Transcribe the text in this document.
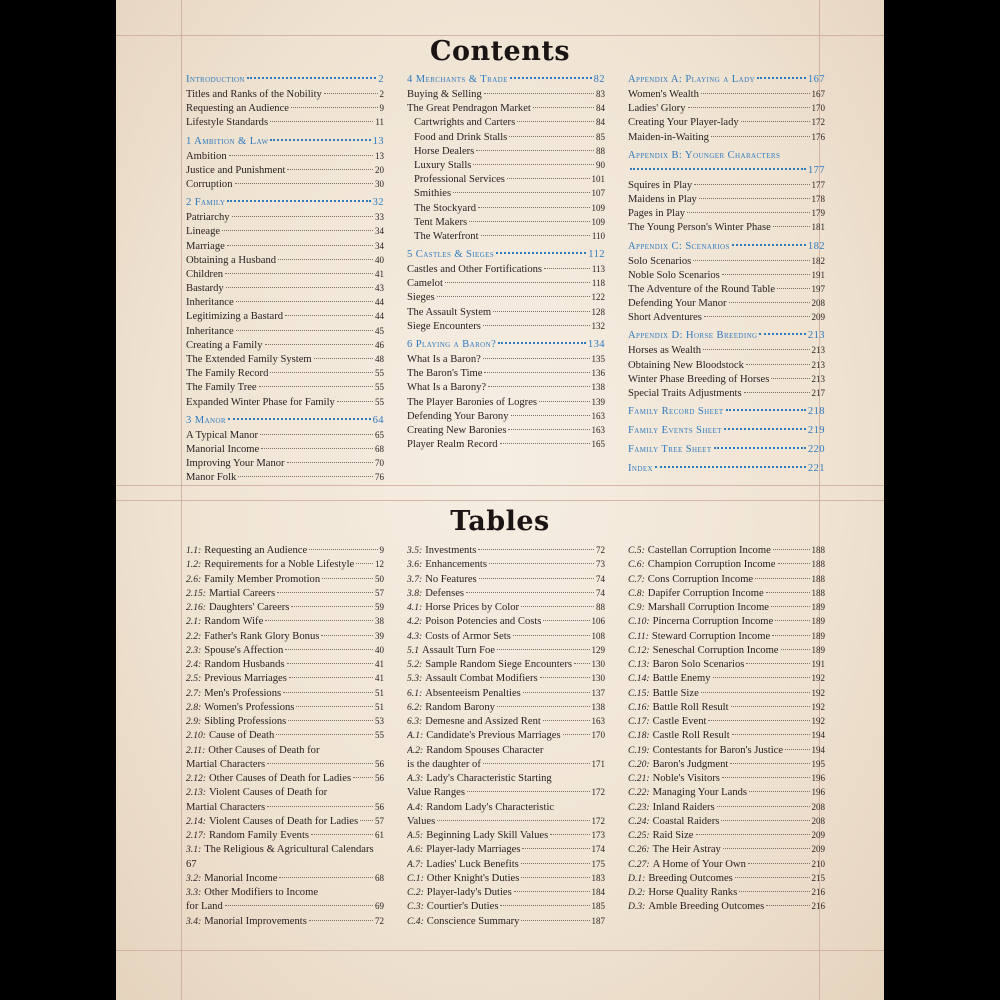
Contents
Tables
Introduction	2
Titles and Ranks of the Nobility	2
Requesting an Audience	9
Lifestyle Standards	11
1 Ambition & Law	13
Ambition	13
Justice and Punishment	20
Corruption	30
2 Family	32
Patriarchy	33
Lineage	34
Marriage	34
Obtaining a Husband	40
Children	41
Bastardy	43
Inheritance	44
Legitimizing a Bastard	44
Inheritance	45
Creating a Family	46
The Extended Family System	48
The Family Record	55
The Family Tree	55
Expanded Winter Phase for Family	55
3 Manor	64
A Typical Manor	65
Manorial Income	68
Improving Your Manor	70
Manor Folk	76
4 Merchants & Trade	82
Buying & Selling	83
The Great Pendragon Market	84
Cartwrights and Carters	84
Food and Drink Stalls	85
Horse Dealers	88
Luxury Stalls	90
Professional Services	101
Smithies	107
The Stockyard	109
Tent Makers	109
The Waterfront	110
5 Castles & Sieges	112
Castles and Other Fortifications	113
Camelot	118
Sieges	122
The Assault System	128
Siege Encounters	132
6 Playing a Baron?	134
What Is a Baron?	135
The Baron's Time	136
What Is a Barony?	138
The Player Baronies of Logres	139
Defending Your Barony	163
Creating New Baronies	163
Player Realm Record	165
Appendix A: Playing a Lady	167
Women's Wealth	167
Ladies' Glory	170
Creating Your Player-lady	172
Maiden-in-Waiting	176
Appendix B: Younger Characters
177
Squires in Play	177
Maidens in Play	178
Pages in Play	179
The Young Person's Winter Phase	181
Appendix C: Scenarios	182
Solo Scenarios	182
Noble Solo Scenarios	191
The Adventure of the Round Table	197
Defending Your Manor	208
Short Adventures	209
Appendix D: Horse Breeding	213
Horses as Wealth	213
Obtaining New Bloodstock	213
Winter Phase Breeding of Horses	213
Special Traits Adjustments	217
Family Record Sheet	218
Family Events Sheet	219
Family Tree Sheet	220
Index	221
1.1: Requesting an Audience	9
1.2: Requirements for a Noble Lifestyle 12
2.6: Family Member Promotion	50
2.15: Martial Careers	57
2.16: Daughters' Careers	59
2.1: Random Wife	38
2.2: Father's Rank Glory Bonus	39
2.3: Spouse's Affection	40
2.4: Random Husbands	41
2.5: Previous Marriages	41
2.7: Men's Professions	51
2.8: Women's Professions	51
2.9: Sibling Professions	53
2.10: Cause of Death	55
2.11: Other Causes of Death for
Martial Characters	56
2.12: Other Causes of Death for Ladies	56
2.13: Violent Causes of Death for
Martial Characters	56
2.14: Violent Causes of Death for Ladies 57
2.17: Random Family Events	61
3.1: The Religious & Agricultural Calendars
67
3.2: Manorial Income	68
3.3: Other Modifiers to Income
for Land	69
3.4: Manorial Improvements	72
3.5: Investments	72
3.6: Enhancements	73
3.7: No Features	74
3.8: Defenses	74
4.1: Horse Prices by Color	88
4.2: Poison Potencies and Costs	106
4.3: Costs of Armor Sets	108
5.1 Assault Turn Foe	129
5.2: Sample Random Siege Encounters 130
5.3: Assault Combat Modifiers	130
6.1: Absenteeism Penalties	137
6.2: Random Barony	138
6.3: Demesne and Assized Rent	163
A.1: Candidate's Previous Marriages	170
A.2: Random Spouses Character
is the daughter of	171
A.3: Lady's Characteristic Starting
Value Ranges	172
A.4: Random Lady's Characteristic
Values	172
A.5: Beginning Lady Skill Values	173
A.6: Player-lady Marriages	174
A.7: Ladies' Luck Benefits	175
C.1: Other Knight's Duties	183
C.2: Player-lady's Duties	184
C.3: Courtier's Duties	185
C.4: Conscience Summary	187
C.5: Castellan Corruption Income	188
C.6: Champion Corruption Income	188
C.7: Cons Corruption Income	188
C.8: Dapifer Corruption Income	188
C.9: Marshall Corruption Income	189
C.10: Pincerna Corruption Income	189
C.11: Steward Corruption Income	189
C.12: Seneschal Corruption Income	189
C.13: Baron Solo Scenarios	191
C.14: Battle Enemy	192
C.15: Battle Size	192
C.16: Battle Roll Result	192
C.17: Castle Event	192
C.18: Castle Roll Result	194
C.19: Contestants for Baron's Justice	194
C.20: Baron's Judgment	195
C.21: Noble's Visitors	196
C.22: Managing Your Lands	196
C.23: Inland Raiders	208
C.24: Coastal Raiders	208
C.25: Raid Size	209
C.26: The Heir Astray	209
C.27: A Home of Your Own	210
D.1: Breeding Outcomes	215
D.2: Horse Quality Ranks	216
D.3: Amble Breeding Outcomes	216
